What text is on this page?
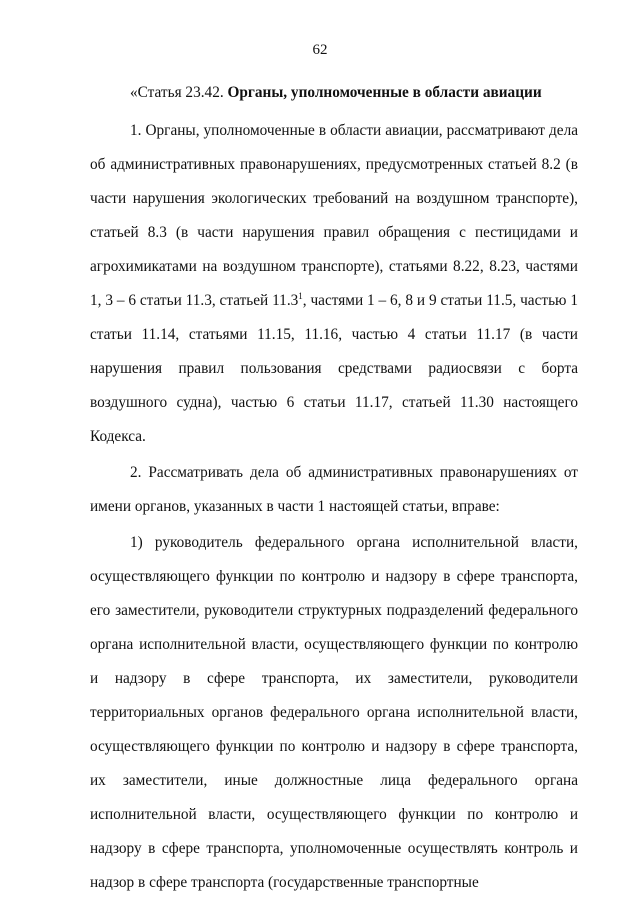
62

«Статья 23.42. Органы, уполномоченные в области авиации

1. Органы, уполномоченные в области авиации, рассматривают дела об административных правонарушениях, предусмотренных статьей 8.2 (в части нарушения экологических требований на воздушном транспорте), статьей 8.3 (в части нарушения правил обращения с пестицидами и агрохимикатами на воздушном транспорте), статьями 8.22, 8.23, частями 1, 3 – 6 статьи 11.3, статьей 11.3$^1$, частями 1 – 6, 8 и 9 статьи 11.5, частью 1 статьи 11.14, статьями 11.15, 11.16, частью 4 статьи 11.17 (в части нарушения правил пользования средствами радиосвязи с борта воздушного судна), частью 6 статьи 11.17, статьей 11.30 настоящего Кодекса.

2. Рассматривать дела об административных правонарушениях от имени органов, указанных в части 1 настоящей статьи, вправе:

1) руководитель федерального органа исполнительной власти, осуществляющего функции по контролю и надзору в сфере транспорта, его заместители, руководители структурных подразделений федерального органа исполнительной власти, осуществляющего функции по контролю и надзору в сфере транспорта, их заместители, руководители территориальных органов федерального органа исполнительной власти, осуществляющего функции по контролю и надзору в сфере транспорта, их заместители, иные должностные лица федерального органа исполнительной власти, осуществляющего функции по контролю и надзору в сфере транспорта, уполномоченные осуществлять контроль и надзор в сфере транспорта (государственные транспортные
